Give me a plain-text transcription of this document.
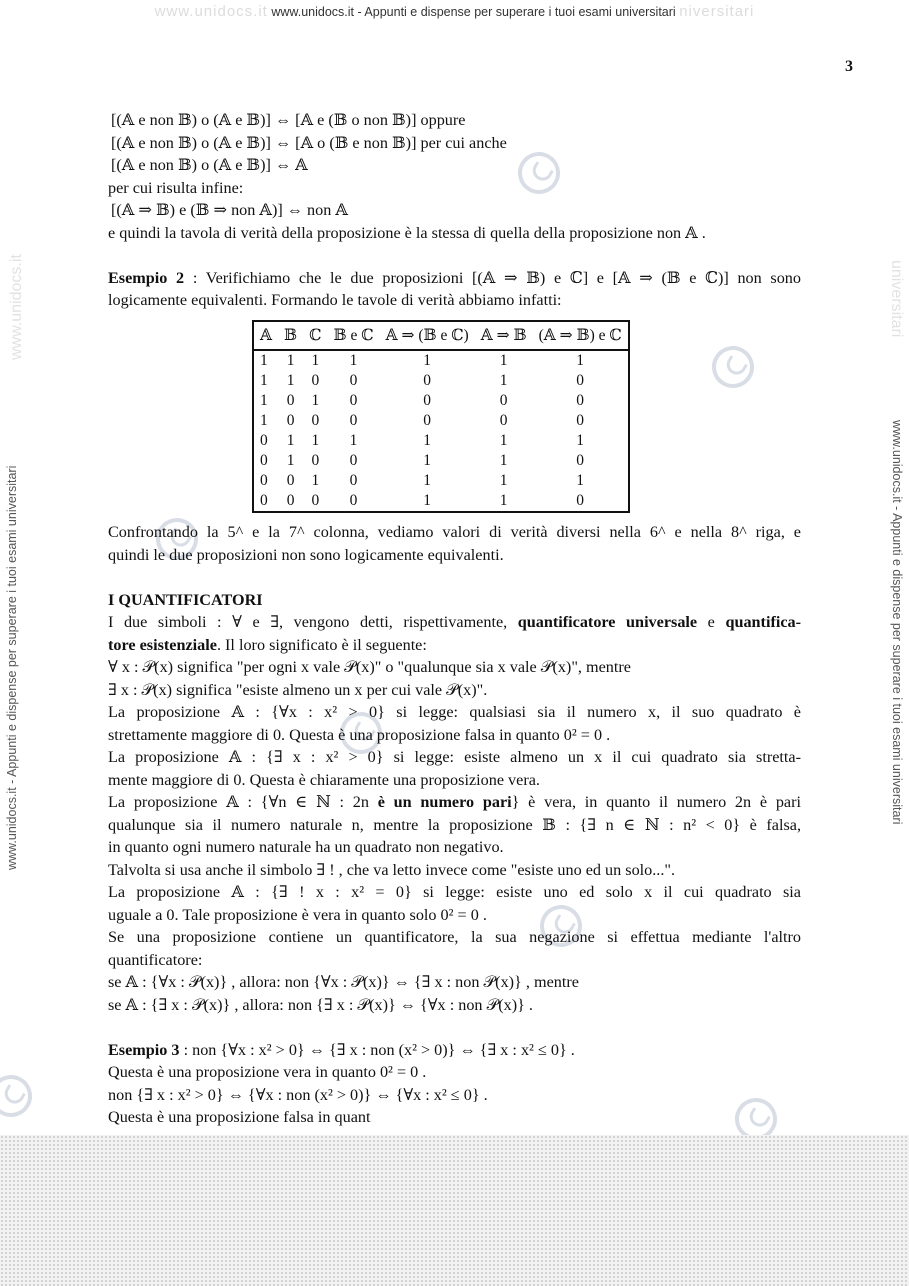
www.unidocs.it www.unidocs.it - Appunti e dispense per superare i tuoi esami universitari niversitari
www.unidocs.it
www.unidocs.it - Appunti e dispense per superare i tuoi esami universitari
universitari
www.unidocs.it - Appunti e dispense per superare i tuoi esami universitari
3
[(𝔸 e non 𝔹) o (𝔸 e 𝔹)] ⇔ [𝔸 e (𝔹 o non 𝔹)] oppure
[(𝔸 e non 𝔹) o (𝔸 e 𝔹)] ⇔ [𝔸 o (𝔹 e non 𝔹)] per cui anche
[(𝔸 e non 𝔹) o (𝔸 e 𝔹)] ⇔ 𝔸
per cui risulta infine:
[(𝔸 ⇒ 𝔹) e (𝔹 ⇒ non 𝔸)] ⇔ non 𝔸
e quindi la tavola di verità della proposizione è la stessa di quella della proposizione non 𝔸 .
Esempio 2 : Verifichiamo che le due proposizioni [(𝔸 ⇒ 𝔹) e ℂ] e [𝔸 ⇒ (𝔹 e ℂ)] non sono
logicamente equivalenti. Formando le tavole di verità abbiamo infatti:
𝔸	𝔹	ℂ	𝔹 e ℂ	𝔸 ⇒ (𝔹 e ℂ)	𝔸 ⇒ 𝔹	(𝔸 ⇒ 𝔹) e ℂ
1	1	1	1	1	1	1
1	1	0	0	0	1	0
1	0	1	0	0	0	0
1	0	0	0	0	0	0
0	1	1	1	1	1	1
0	1	0	0	1	1	0
0	0	1	0	1	1	1
0	0	0	0	1	1	0
Confrontando la 5^ e la 7^ colonna, vediamo valori di verità diversi nella 6^ e nella 8^ riga, e
quindi le due proposizioni non sono logicamente equivalenti.
I QUANTIFICATORI
I due simboli : ∀ e ∃, vengono detti, rispettivamente, quantificatore universale e quantifica-
tore esistenziale. Il loro significato è il seguente:
∀ x : 𝒫(x) significa "per ogni x vale 𝒫(x)" o "qualunque sia x vale 𝒫(x)", mentre
∃ x : 𝒫(x) significa "esiste almeno un x per cui vale 𝒫(x)".
La proposizione 𝔸 : {∀x : x² > 0} si legge: qualsiasi sia il numero x, il suo quadrato è
strettamente maggiore di 0. Questa è una proposizione falsa in quanto 0² = 0 .
La proposizione 𝔸 : {∃ x : x² > 0} si legge: esiste almeno un x il cui quadrato sia stretta-
mente maggiore di 0. Questa è chiaramente una proposizione vera.
La proposizione 𝔸 : {∀n ∈ ℕ : 2n è un numero pari} è vera, in quanto il numero 2n è pari
qualunque sia il numero naturale n, mentre la proposizione 𝔹 : {∃ n ∈ ℕ : n² < 0} è falsa,
in quanto ogni numero naturale ha un quadrato non negativo.
Talvolta si usa anche il simbolo ∃ ! , che va letto invece come "esiste uno ed un solo...".
La proposizione 𝔸 : {∃ ! x : x² = 0} si legge: esiste uno ed solo x il cui quadrato sia
uguale a 0. Tale proposizione è vera in quanto solo 0² = 0 .
Se una proposizione contiene un quantificatore, la sua negazione si effettua mediante l'altro
quantificatore:
se 𝔸 : {∀x : 𝒫(x)} , allora: non {∀x : 𝒫(x)} ⇔ {∃ x : non 𝒫(x)} , mentre
se 𝔸 : {∃ x : 𝒫(x)} , allora: non {∃ x : 𝒫(x)} ⇔ {∀x : non 𝒫(x)} .
Esempio 3 : non {∀x : x² > 0} ⇔ {∃ x : non (x² > 0)} ⇔ {∃ x : x² ≤ 0} .
Questa è una proposizione vera in quanto 0² = 0 .
non {∃ x : x² > 0} ⇔ {∀x : non (x² > 0)} ⇔ {∀x : x² ≤ 0} .
Questa è una proposizione falsa in quant
